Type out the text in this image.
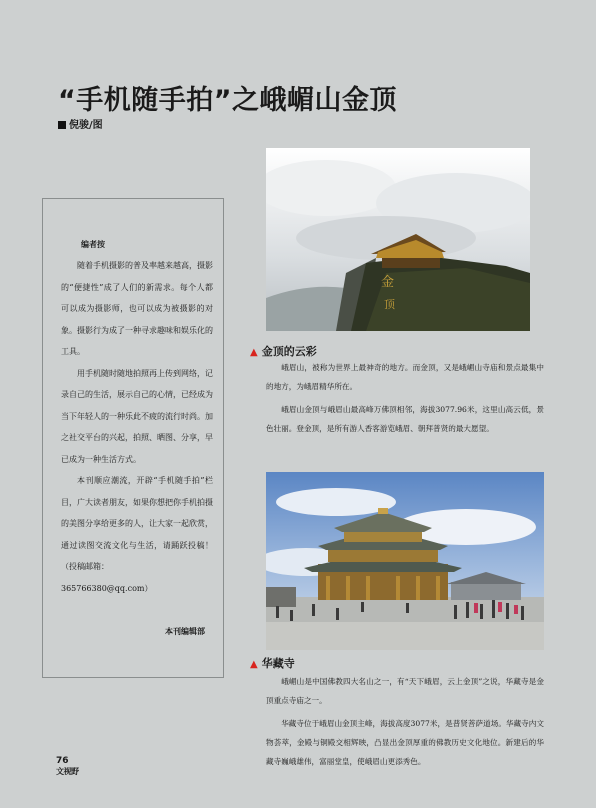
“手机随手拍”之峨嵋山金顶
倪骏/图
编者按

随着手机摄影的普及率越来越高，摄影的“便捷性”成了人们的新需求。每个人都可以成为摄影师，也可以成为被摄影的对象。摄影行为成了一种寻求趣味和娱乐化的工具。

用手机随时随地拍照再上传到网络，记录自己的生活，展示自己的心情，已经成为当下年轻人的一种乐此不疲的流行时尚。加之社交平台的兴起，拍照、晒图、分享，早已成为一种生活方式。

本刊顺应潮流，开辟“手机随手拍”栏目，广大读者朋友，如果你想把你手机拍摄的美图分享给更多的人，让大家一起欣赏，通过读图交流文化与生活，请踊跃投稿！（投稿邮箱：

365766380@qq.com）

本刊编辑部

金
顶
▲ 金顶的云彩

峨眉山，被称为世界上最神奇的地方。而金顶，又是峨嵋山寺庙和景点最集中的地方，为峨眉精华所在。

峨眉山金顶与峨眉山最高峰万佛顶相邻，海拔3077.96米，这里山高云低，景色壮丽。登金顶，是所有游人香客游览峨眉、朝拜普贤的最大愿望。

▲ 华藏寺

峨嵋山是中国佛教四大名山之一，有“天下峨眉，云上金顶”之说，华藏寺是金顶重点寺庙之一。

华藏寺位于峨眉山金顶主峰，海拔高度3077米，是普贤菩萨道场。华藏寺内文物荟萃，金殿与铜殿交相辉映，凸显出金顶厚重的佛教历史文化地位。新建后的华藏寺巍峨雄伟，富丽堂皇，使峨眉山更添秀色。

76
文视野
